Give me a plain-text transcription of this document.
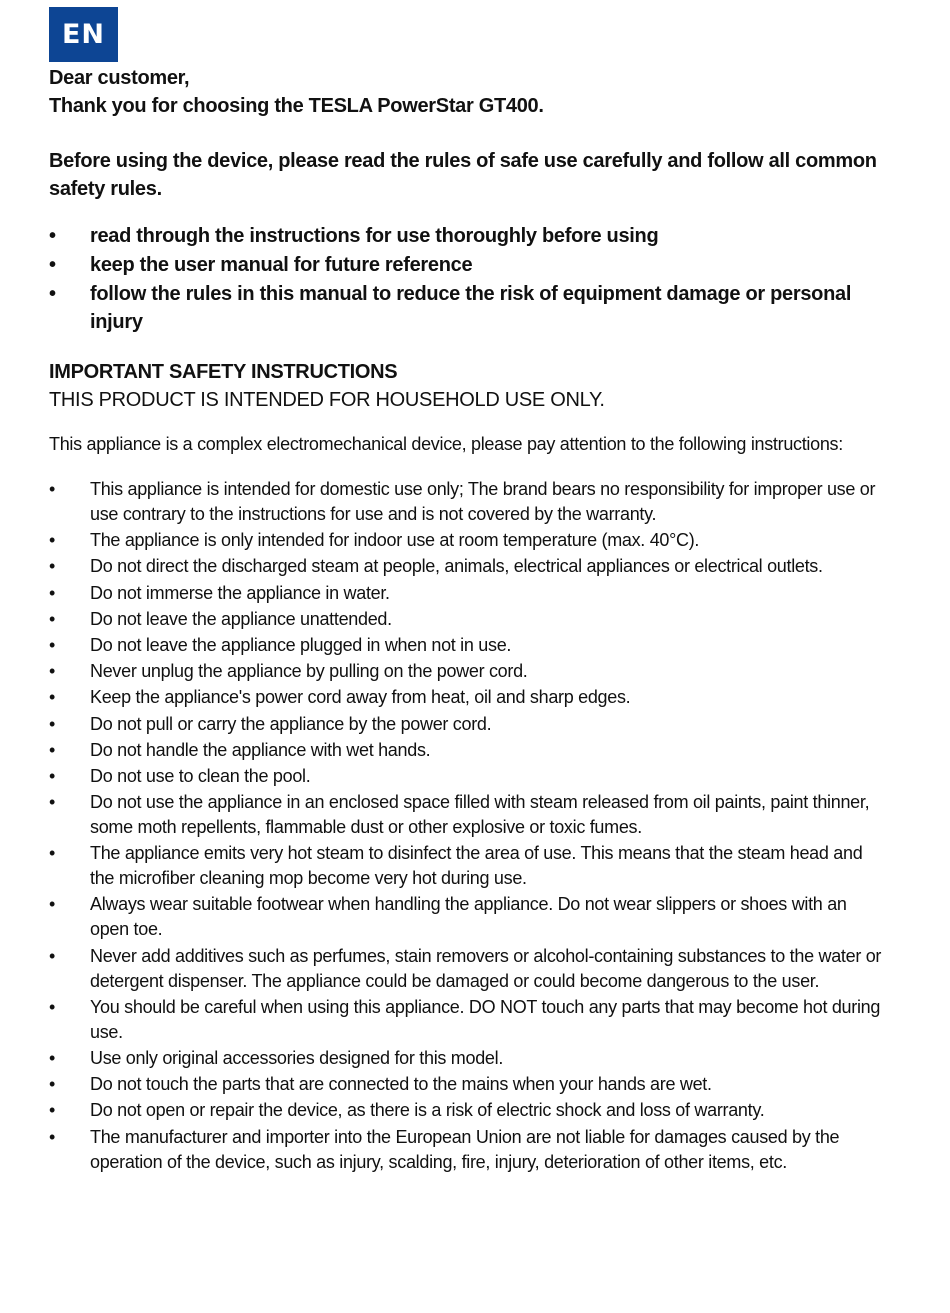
EN

Dear customer,

Thank you for choosing the TESLA PowerStar GT400.

Before using the device, please read the rules of safe use carefully and follow all common safety rules.

• read through the instructions for use thoroughly before using
• keep the user manual for future reference
• follow the rules in this manual to reduce the risk of equipment damage or personal injury

IMPORTANT SAFETY INSTRUCTIONS

THIS PRODUCT IS INTENDED FOR HOUSEHOLD USE ONLY.

This appliance is a complex electromechanical device, please pay attention to the following instructions:

• This appliance is intended for domestic use only; The brand bears no responsibility for improper use or use contrary to the instructions for use and is not covered by the warranty.
• The appliance is only intended for indoor use at room temperature (max. 40°C).
• Do not direct the discharged steam at people, animals, electrical appliances or electrical outlets.
• Do not immerse the appliance in water.
• Do not leave the appliance unattended.
• Do not leave the appliance plugged in when not in use.
• Never unplug the appliance by pulling on the power cord.
• Keep the appliance's power cord away from heat, oil and sharp edges.
• Do not pull or carry the appliance by the power cord.
• Do not handle the appliance with wet hands.
• Do not use to clean the pool.
• Do not use the appliance in an enclosed space filled with steam released from oil paints, paint thinner, some moth repellents, flammable dust or other explosive or toxic fumes.
• The appliance emits very hot steam to disinfect the area of use. This means that the steam head and the microfiber cleaning mop become very hot during use.
• Always wear suitable footwear when handling the appliance. Do not wear slippers or shoes with an open toe.
• Never add additives such as perfumes, stain removers or alcohol-containing substances to the water or detergent dispenser. The appliance could be damaged or could become dangerous to the user.
• You should be careful when using this appliance. DO NOT touch any parts that may become hot during use.
• Use only original accessories designed for this model.
• Do not touch the parts that are connected to the mains when your hands are wet.
• Do not open or repair the device, as there is a risk of electric shock and loss of warranty.
• The manufacturer and importer into the European Union are not liable for damages caused by the operation of the device, such as injury, scalding, fire, injury, deterioration of other items, etc.
